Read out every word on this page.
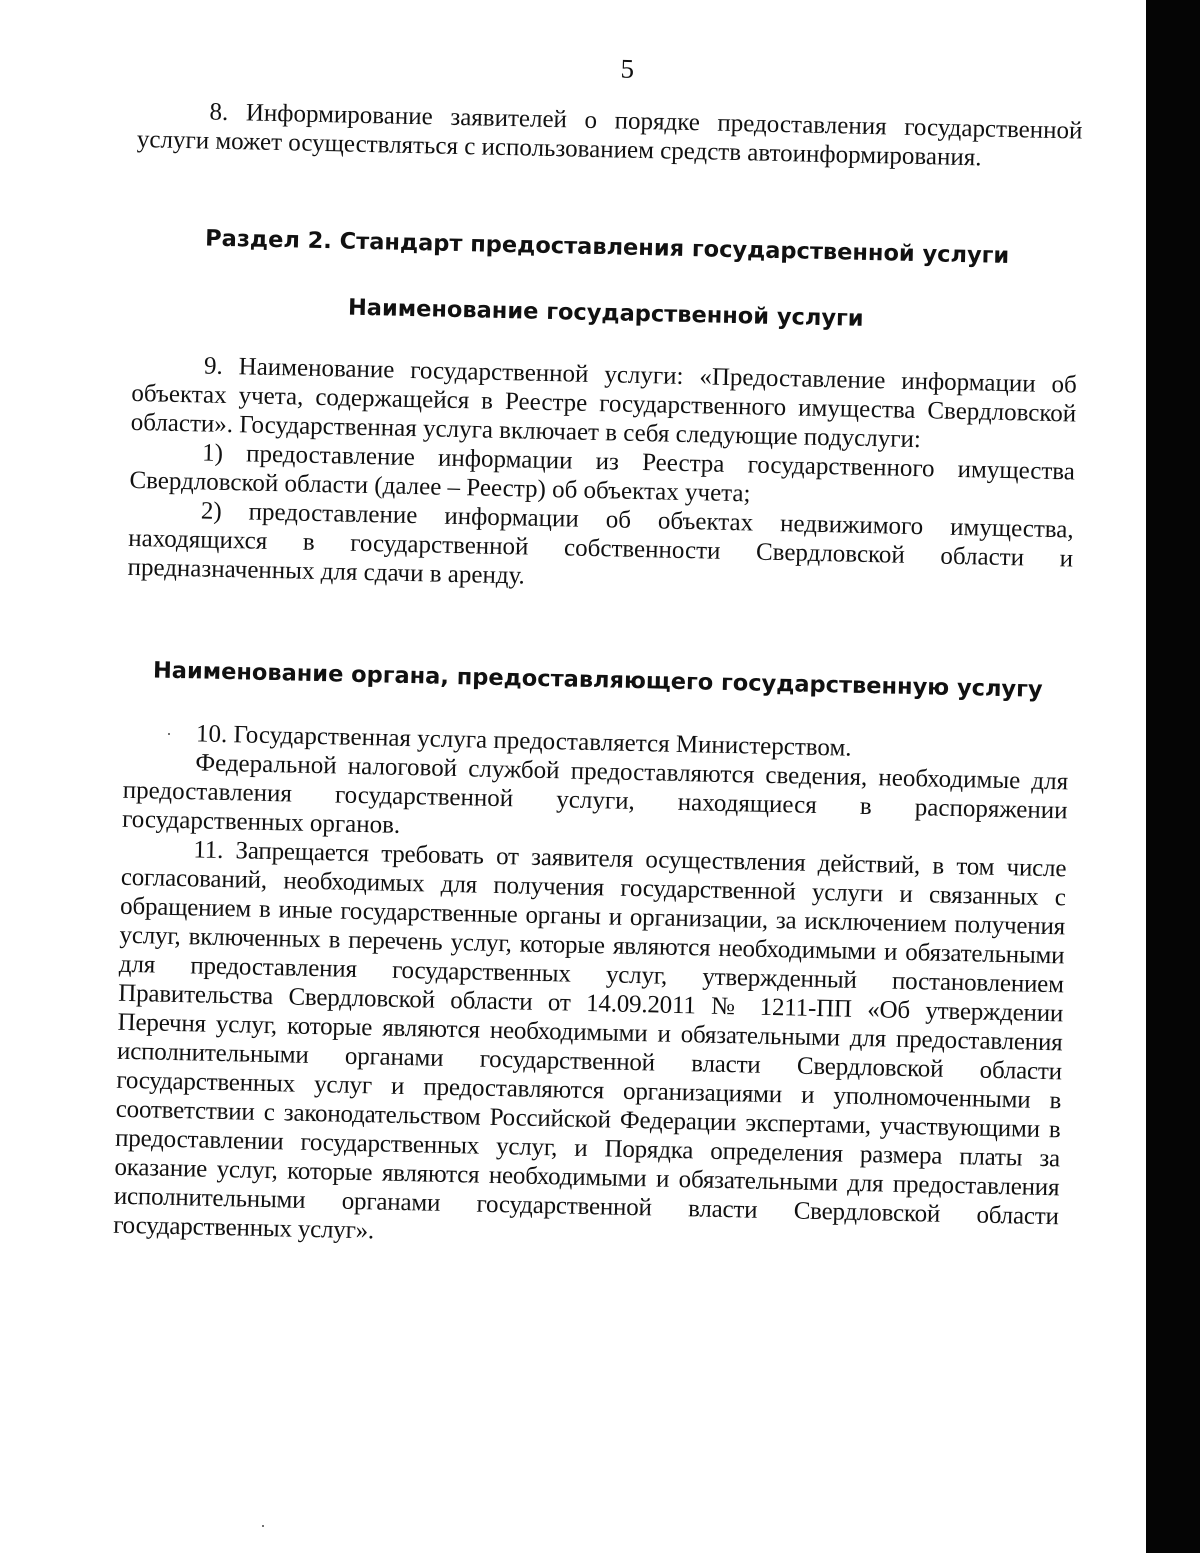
5

8. Информирование заявителей о порядке предоставления государственной услуги может осуществляться с использованием средств автоинформирования.

Раздел 2. Стандарт предоставления государственной услуги
Наименование государственной услуги

9. Наименование государственной услуги: «Предоставление информации об объектах учета, содержащейся в Реестре государственного имущества Свердловской области». Государственная услуга включает в себя следующие подуслуги:

1) предоставление информации из Реестра государственного имущества Свердловской области (далее – Реестр) об объектах учета;

2) предоставление информации об объектах недвижимого имущества, находящихся в государственной собственности Свердловской области и предназначенных для сдачи в аренду.

Наименование органа, предоставляющего государственную услугу

10. Государственная услуга предоставляется Министерством.

Федеральной налоговой службой предоставляются сведения, необходимые для предоставления государственной услуги, находящиеся в распоряжении государственных органов.

11. Запрещается требовать от заявителя осуществления действий, в том числе согласований, необходимых для получения государственной услуги и связанных с обращением в иные государственные органы и организации, за исключением получения услуг, включенных в перечень услуг, которые являются необходимыми и обязательными для предоставления государственных услуг, утвержденный постановлением Правительства Свердловской области от 14.09.2011 № 1211-ПП «Об утверждении Перечня услуг, которые являются необходимыми и обязательными для предоставления исполнительными органами государственной власти Свердловской области государственных услуг и предоставляются организациями и уполномоченными в соответствии с законодательством Российской Федерации экспертами, участвующими в предоставлении государственных услуг, и Порядка определения размера платы за оказание услуг, которые являются необходимыми и обязательными для предоставления исполнительными органами государственной власти Свердловской области государственных услуг».
